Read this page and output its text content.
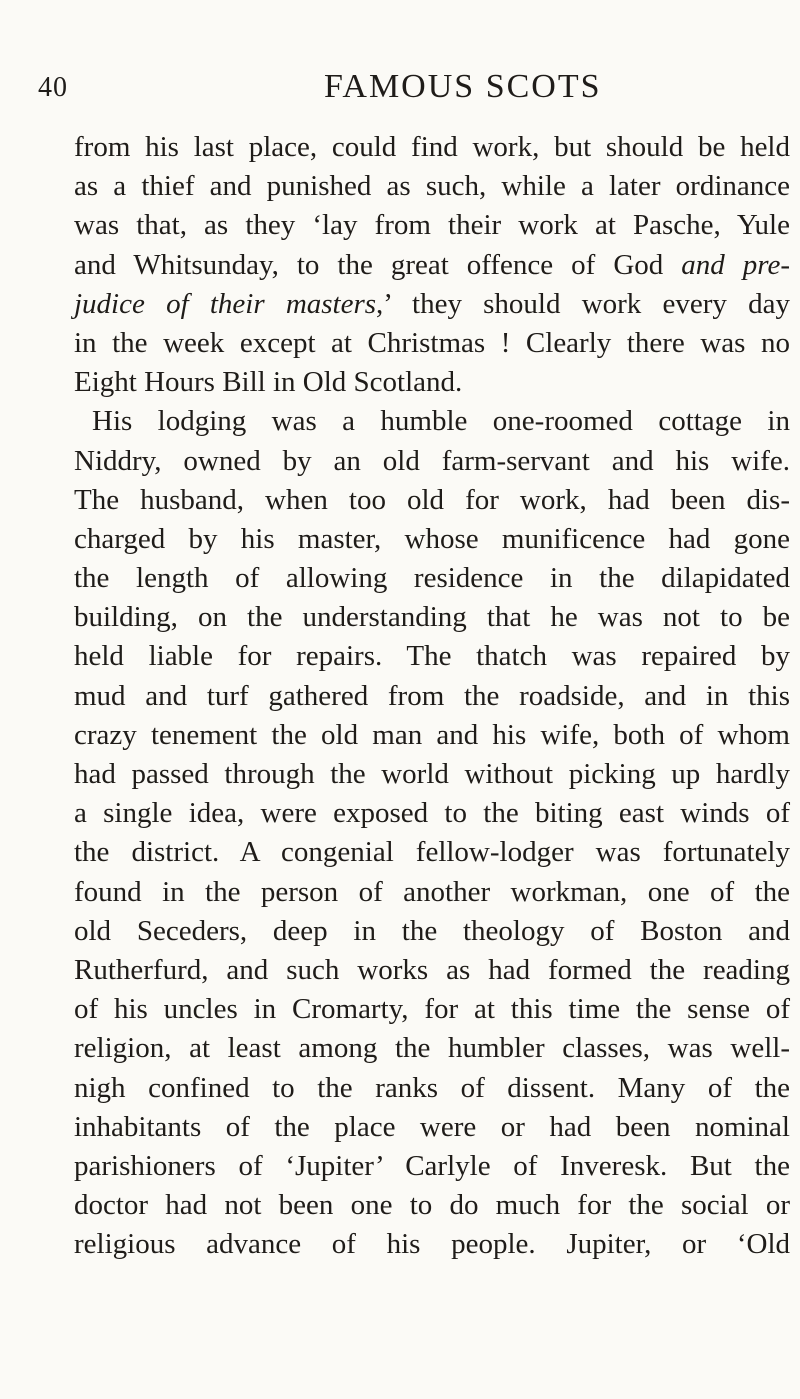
40	FAMOUS SCOTS
from his last place, could find work, but should be held
as a thief and punished as such, while a later ordinance
was that, as they ‘lay from their work at Pasche, Yule
and Whitsunday, to the great offence of God and pre-
judice of their masters,’ they should work every day
in the week except at Christmas ! Clearly there was no
Eight Hours Bill in Old Scotland.
His lodging was a humble one-roomed cottage in
Niddry, owned by an old farm-servant and his wife.
The husband, when too old for work, had been dis-
charged by his master, whose munificence had gone
the length of allowing residence in the dilapidated
building, on the understanding that he was not to be
held liable for repairs. The thatch was repaired by
mud and turf gathered from the roadside, and in this
crazy tenement the old man and his wife, both of whom
had passed through the world without picking up hardly
a single idea, were exposed to the biting east winds of
the district. A congenial fellow-lodger was fortunately
found in the person of another workman, one of the
old Seceders, deep in the theology of Boston and
Rutherfurd, and such works as had formed the reading
of his uncles in Cromarty, for at this time the sense of
religion, at least among the humbler classes, was well-
nigh confined to the ranks of dissent. Many of the
inhabitants of the place were or had been nominal
parishioners of ‘Jupiter’ Carlyle of Inveresk. But the
doctor had not been one to do much for the social or
religious advance of his people. Jupiter, or ‘Old
